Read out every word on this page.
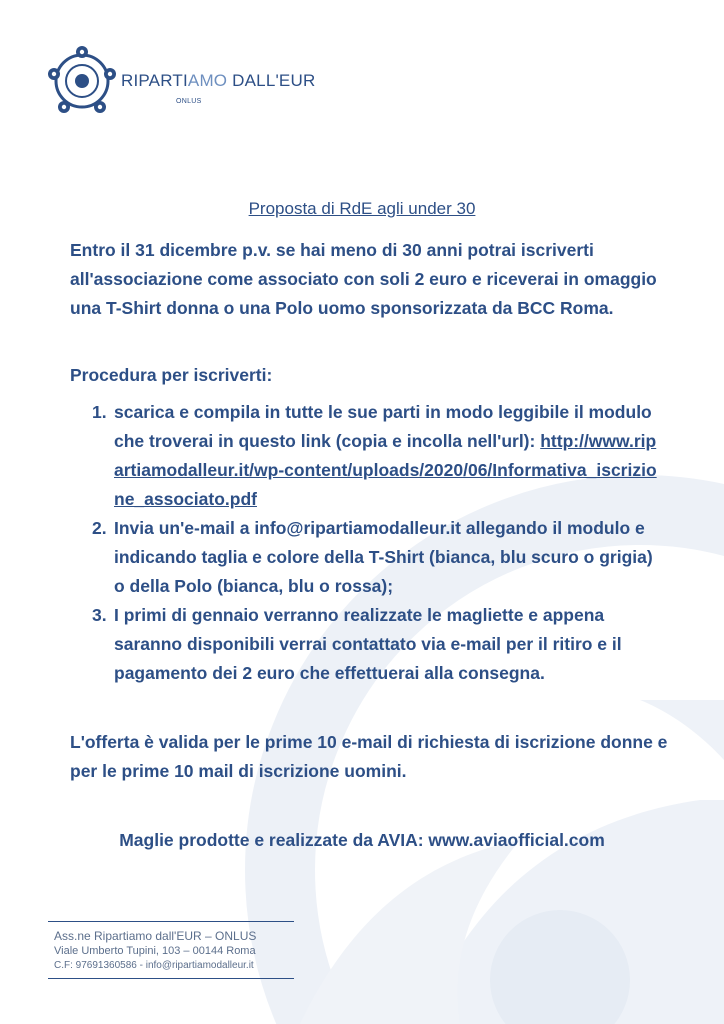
RIPARTIAMO DALL'EUR
ONLUS
Proposta di RdE agli under 30
Entro il 31 dicembre p.v. se hai meno di 30 anni potrai iscriverti all'associazione come associato con soli 2 euro e riceverai in omaggio una T-Shirt donna o una Polo uomo sponsorizzata da BCC Roma.
Procedura per iscriverti:
1. scarica e compila in tutte le sue parti in modo leggibile il modulo che troverai in questo link (copia e incolla nell'url): http://www.ripartiamodalleur.it/wp-content/uploads/2020/06/Informativa_iscrizione_associato.pdf
2. Invia un'e-mail a info@ripartiamodalleur.it allegando il modulo e indicando taglia e colore della T-Shirt (bianca, blu scuro o grigia) o della Polo (bianca, blu o rossa);
3. I primi di gennaio verranno realizzate le magliette e appena saranno disponibili verrai contattato via e-mail per il ritiro e il pagamento dei 2 euro che effettuerai alla consegna.
L'offerta è valida per le prime 10 e-mail di richiesta di iscrizione donne e per le prime 10 mail di iscrizione uomini.
Maglie prodotte e realizzate da AVIA: www.aviaofficial.com
Ass.ne Ripartiamo dall'EUR – ONLUS
Viale Umberto Tupini, 103 – 00144 Roma
C.F: 97691360586 - info@ripartiamodalleur.it
